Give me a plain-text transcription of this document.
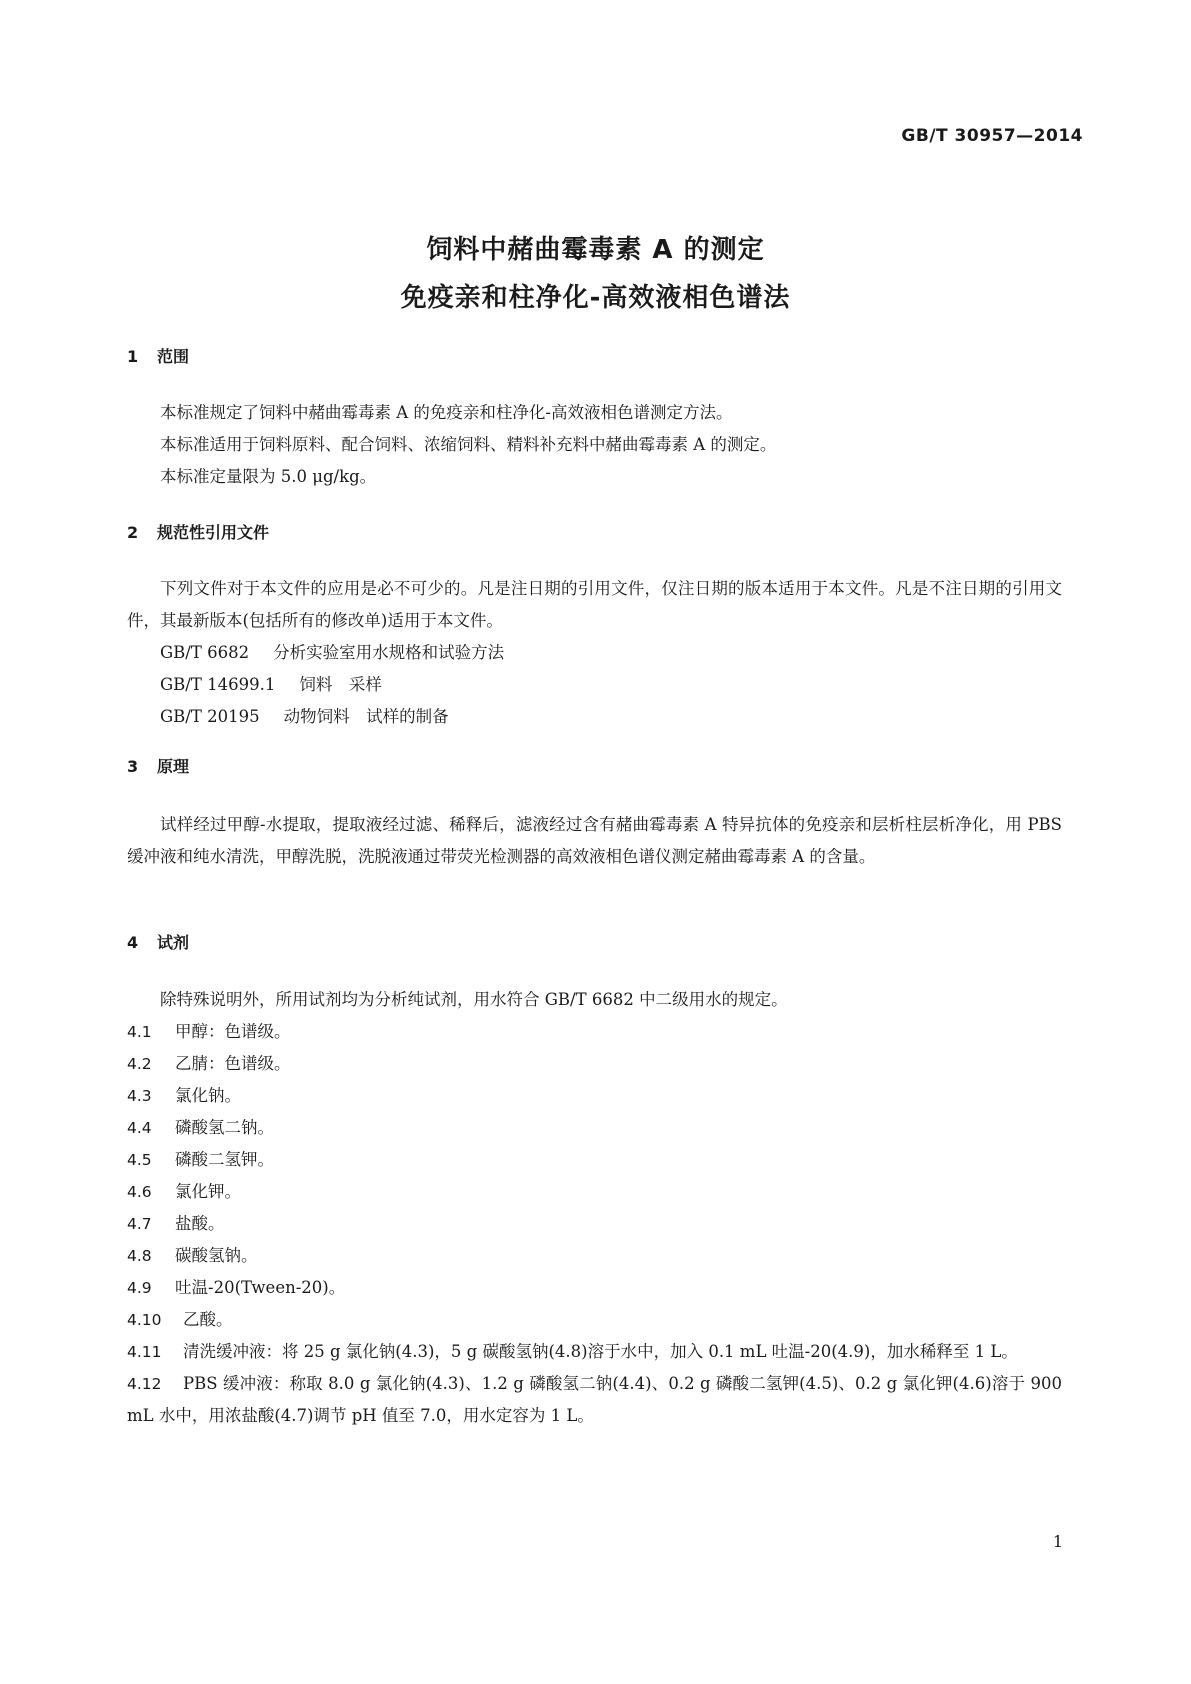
GB/T 30957—2014
饲料中赭曲霉毒素 A 的测定
免疫亲和柱净化-高效液相色谱法
1 范围

本标准规定了饲料中赭曲霉毒素 A 的免疫亲和柱净化-高效液相色谱测定方法。

本标准适用于饲料原料、配合饲料、浓缩饲料、精料补充料中赭曲霉毒素 A 的测定。

本标准定量限为 5.0 μg/kg。

2 规范性引用文件

下列文件对于本文件的应用是必不可少的。凡是注日期的引用文件，仅注日期的版本适用于本文件。凡是不注日期的引用文件，其最新版本(包括所有的修改单)适用于本文件。

GB/T 6682 分析实验室用水规格和试验方法
GB/T 14699.1 饲料　采样
GB/T 20195 动物饲料　试样的制备
3 原理

试样经过甲醇-水提取，提取液经过滤、稀释后，滤液经过含有赭曲霉毒素 A 特异抗体的免疫亲和层析柱层析净化，用 PBS 缓冲液和纯水清洗，甲醇洗脱，洗脱液通过带荧光检测器的高效液相色谱仪测定赭曲霉毒素 A 的含量。

4 试剂

除特殊说明外，所用试剂均为分析纯试剂，用水符合 GB/T 6682 中二级用水的规定。

4.1 甲醇：色谱级。
4.2 乙腈：色谱级。
4.3 氯化钠。
4.4 磷酸氢二钠。
4.5 磷酸二氢钾。
4.6 氯化钾。
4.7 盐酸。
4.8 碳酸氢钠。
4.9 吐温-20(Tween-20)。
4.10 乙酸。
4.11 清洗缓冲液：将 25 g 氯化钠(4.3)，5 g 碳酸氢钠(4.8)溶于水中，加入 0.1 mL 吐温-20(4.9)，加水稀释至 1 L。
4.12 PBS 缓冲液：称取 8.0 g 氯化钠(4.3)、1.2 g 磷酸氢二钠(4.4)、0.2 g 磷酸二氢钾(4.5)、0.2 g 氯化钾(4.6)溶于 900 mL 水中，用浓盐酸(4.7)调节 pH 值至 7.0，用水定容为 1 L。
1
